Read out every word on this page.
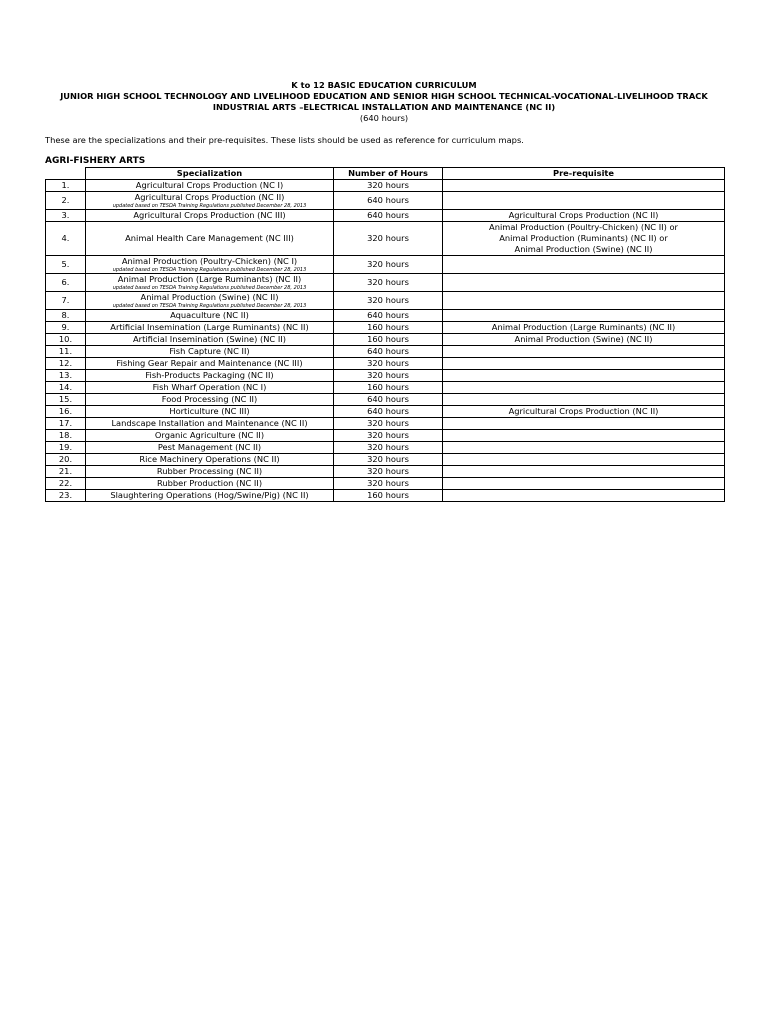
K to 12 BASIC EDUCATION CURRICULUM
JUNIOR HIGH SCHOOL TECHNOLOGY AND LIVELIHOOD EDUCATION AND SENIOR HIGH SCHOOL TECHNICAL-VOCATIONAL-LIVELIHOOD TRACK
INDUSTRIAL ARTS –ELECTRICAL INSTALLATION AND MAINTENANCE (NC II)
(640 hours)
These are the specializations and their pre-requisites. These lists should be used as reference for curriculum maps.
AGRI-FISHERY ARTS
	Specialization	Number of Hours	Pre-requisite
1.	Agricultural Crops Production (NC I)	320 hours	
2.	Agricultural Crops Production (NC II)
updated based on TESDA Training Regulations published December 28, 2013	640 hours	
3.	Agricultural Crops Production (NC III)	640 hours	Agricultural Crops Production (NC II)

4.	Animal Health Care Management (NC III)	320 hours	Animal Production (Poultry-Chicken) (NC II) or
Animal Production (Ruminants) (NC II) or
Animal Production (Swine) (NC II)

5.	Animal Production (Poultry-Chicken) (NC I)
updated based on TESDA Training Regulations published December 28, 2013	320 hours	
6.	Animal Production (Large Ruminants) (NC II)
updated based on TESDA Training Regulations published December 28, 2013	320 hours	
7.	Animal Production (Swine) (NC II)
updated based on TESDA Training Regulations published December 28, 2013	320 hours	
8.	Aquaculture (NC II)	640 hours	
9.	Artificial Insemination (Large Ruminants) (NC II)	160 hours	Animal Production (Large Ruminants) (NC II)

10.	Artificial Insemination (Swine) (NC II)	160 hours	Animal Production (Swine) (NC II)

11.	Fish Capture (NC II)	640 hours	
12.	Fishing Gear Repair and Maintenance (NC III)	320 hours	
13.	Fish-Products Packaging (NC II)	320 hours	
14.	Fish Wharf Operation (NC I)	160 hours	
15.	Food Processing (NC II)	640 hours	
16.	Horticulture (NC III)	640 hours	Agricultural Crops Production (NC II)

17.	Landscape Installation and Maintenance (NC II)	320 hours	
18.	Organic Agriculture (NC II)	320 hours	
19.	Pest Management (NC II)	320 hours	
20.	Rice Machinery Operations (NC II)	320 hours	
21.	Rubber Processing (NC II)	320 hours	
22.	Rubber Production (NC II)	320 hours	
23.	Slaughtering Operations (Hog/Swine/Pig) (NC II)	160 hours	
